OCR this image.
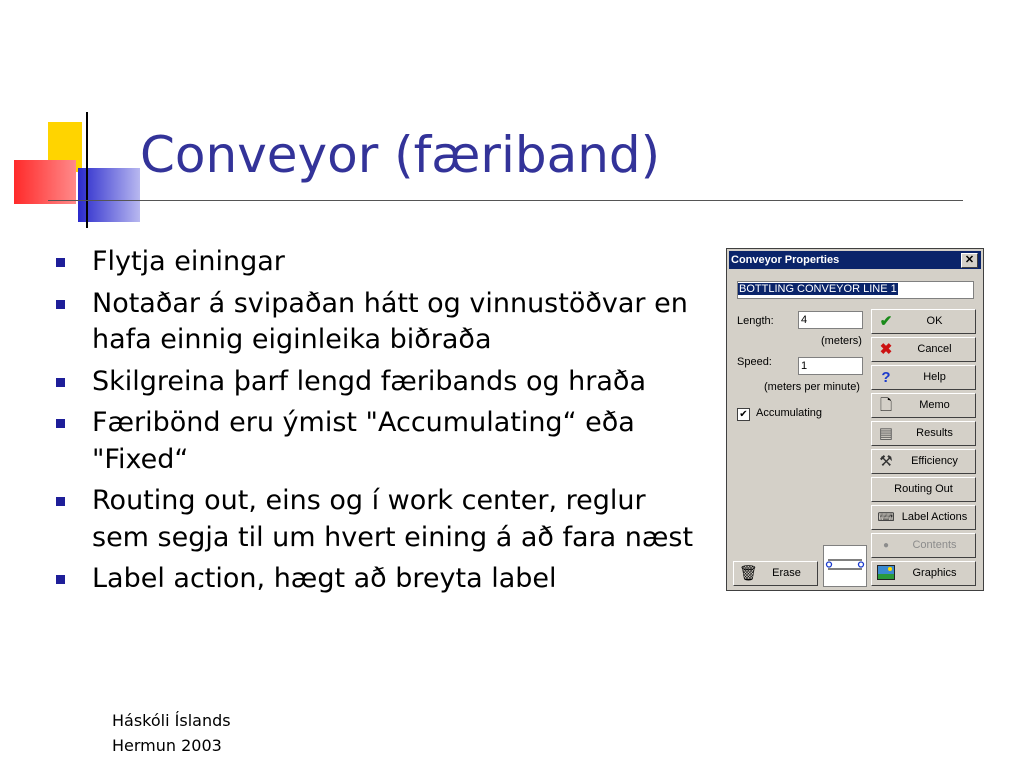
Conveyor (færiband)
Flytja einingar
Notaðar á svipaðan hátt og vinnustöðvar en hafa einnig eiginleika biðraða
Skilgreina þarf lengd færibands og hraða
Færibönd eru ýmist "Accumulating“ eða "Fixed“
Routing out, eins og í work center, reglur sem segja til um hvert eining á að fara næst
Label action, hægt að breyta label
Háskóli Íslands
Hermun 2003
Conveyor Properties	✕
BOTTLING CONVEYOR LINE 1
Length: 4
(meters)
Speed:	1
(meters per minute)
✔ Accumulating
✔	OK
✖	Cancel
?	Help
🗋	Memo
▤	Results
⚒	Efficiency
Routing Out
⌨ Label Actions
●	Contents
Graphics
🗑	Erase
